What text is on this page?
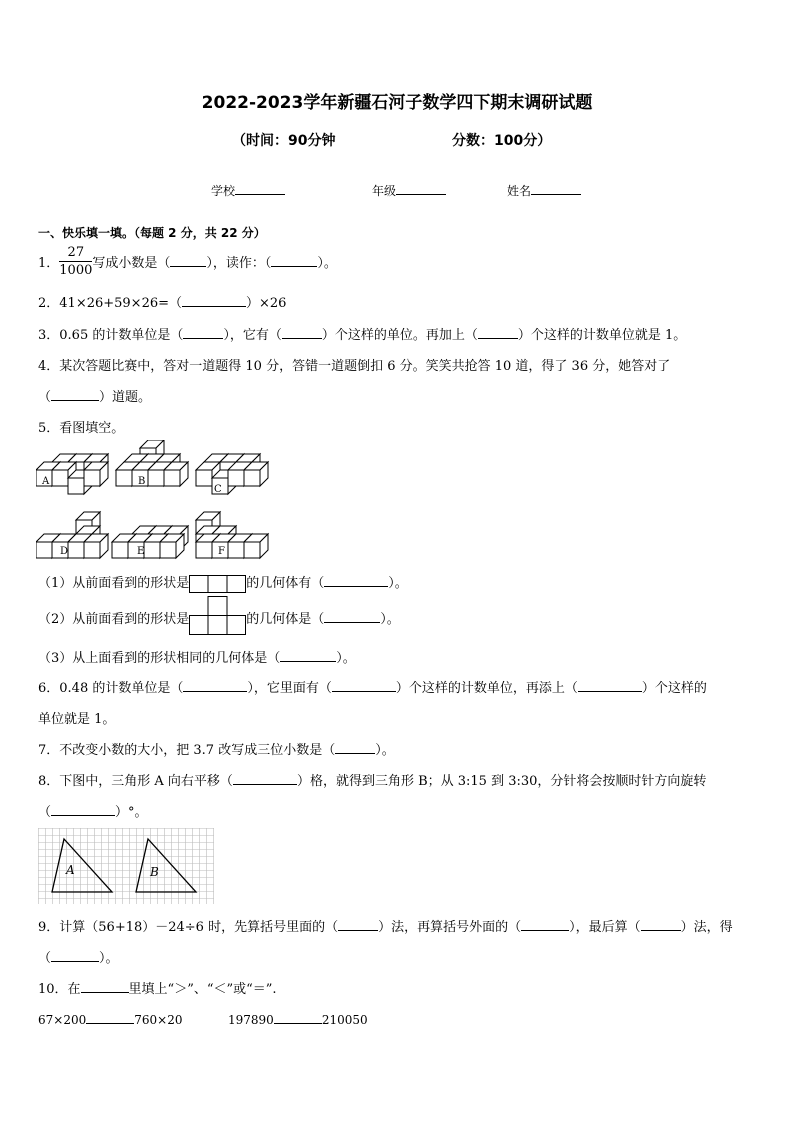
2022-2023学年新疆石河子数学四下期末调研试题
（时间：90分钟	分数：100分）
学校	年级	姓名
一、快乐填一填。（每题 2 分，共 22 分）
1． $\frac{27}{1000}$ 写成小数是（	），读作：（	）。
2．41×26+59×26=（	）×26
3．0.65 的计数单位是（	），它有（	）个这样的单位。再加上（	）个这样的计数单位就是 1。
4．某次答题比赛中，答对一道题得 10 分，答错一道题倒扣 6 分。笑笑共抢答 10 道，得了 36 分，她答对了
（	）道题。
5．看图填空。
A	B
C
D	E	F
（1）从前面看到的形状是	的几何体有（	）。
（2）从前面看到的形状是	的几何体是（	）。
（3）从上面看到的形状相同的几何体是（	）。
6．0.48 的计数单位是（	），它里面有（	）个这样的计数单位，再添上（	）个这样的
单位就是 1。
7．不改变小数的大小，把 3.7 改写成三位小数是（	）。
8．下图中，三角形 A 向右平移（	）格，就得到三角形 B；从 3:15 到 3:30，分针将会按顺时针方向旋转
（	）°。
A	B
9．计算（56+18）－24÷6 时，先算括号里面的（	）法，再算括号外面的（	），最后算（	）法，得
（	）。
10．在	里填上“＞”、“＜”或“＝”.
67×200	760×20	197890	210050
